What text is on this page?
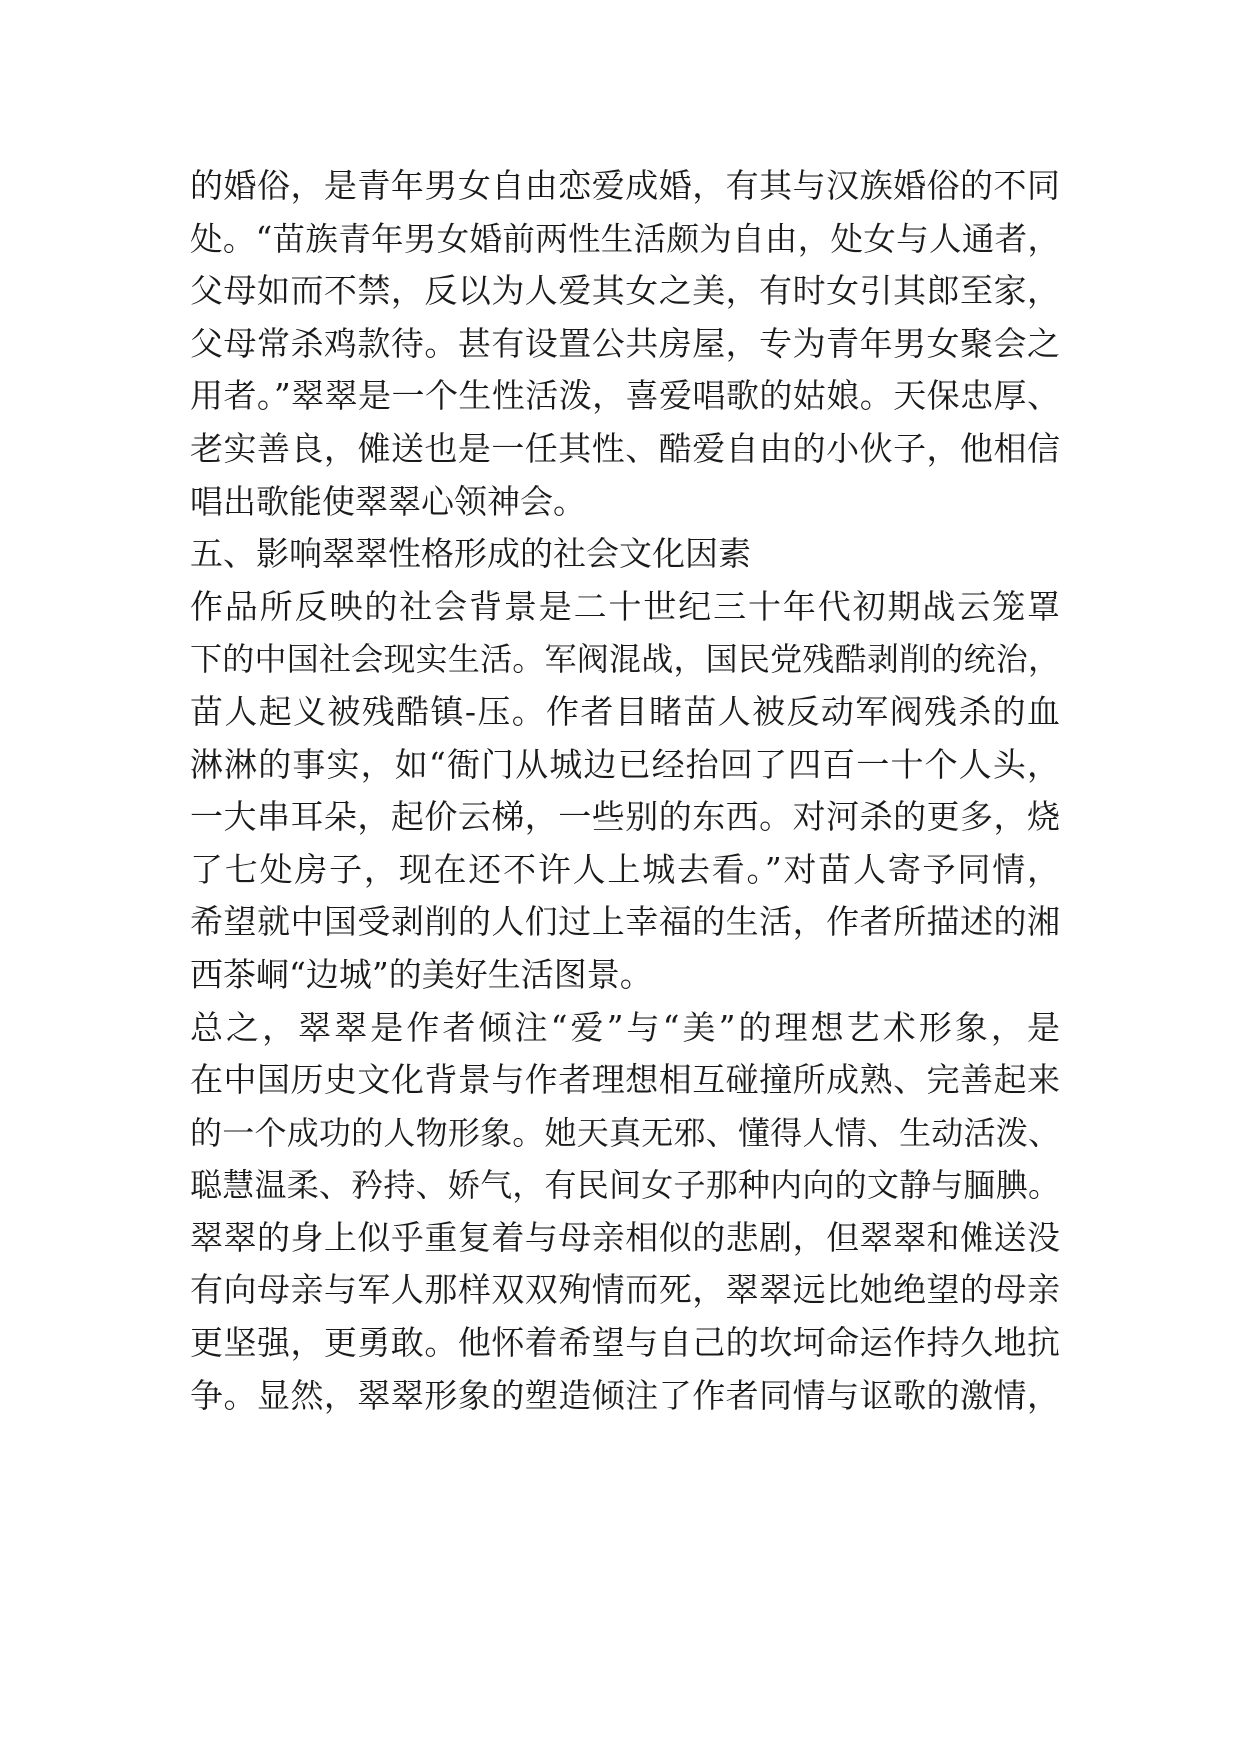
的婚俗，是青年男女自由恋爱成婚，有其与汉族婚俗的不同
处。“苗族青年男女婚前两性生活颇为自由，处女与人通者，
父母如而不禁，反以为人爱其女之美，有时女引其郎至家，
父母常杀鸡款待。甚有设置公共房屋，专为青年男女聚会之
用者。”翠翠是一个生性活泼，喜爱唱歌的姑娘。天保忠厚、
老实善良，傩送也是一任其性、酷爱自由的小伙子，他相信
唱出歌能使翠翠心领神会。
五、影响翠翠性格形成的社会文化因素
作品所反映的社会背景是二十世纪三十年代初期战云笼罩
下的中国社会现实生活。军阀混战，国民党残酷剥削的统治，
苗人起义被残酷镇-压。作者目睹苗人被反动军阀残杀的血
淋淋的事实，如“衙门从城边已经抬回了四百一十个人头，
一大串耳朵，起价云梯，一些别的东西。对河杀的更多，烧
了七处房子，现在还不许人上城去看。”对苗人寄予同情，
希望就中国受剥削的人们过上幸福的生活，作者所描述的湘
西茶峒“边城”的美好生活图景。
总之，翠翠是作者倾注“爱”与“美”的理想艺术形象，是
在中国历史文化背景与作者理想相互碰撞所成熟、完善起来
的一个成功的人物形象。她天真无邪、懂得人情、生动活泼、
聪慧温柔、矜持、娇气，有民间女子那种内向的文静与腼腆。
翠翠的身上似乎重复着与母亲相似的悲剧，但翠翠和傩送没
有向母亲与军人那样双双殉情而死，翠翠远比她绝望的母亲
更坚强，更勇敢。他怀着希望与自己的坎坷命运作持久地抗
争。显然，翠翠形象的塑造倾注了作者同情与讴歌的激情，
